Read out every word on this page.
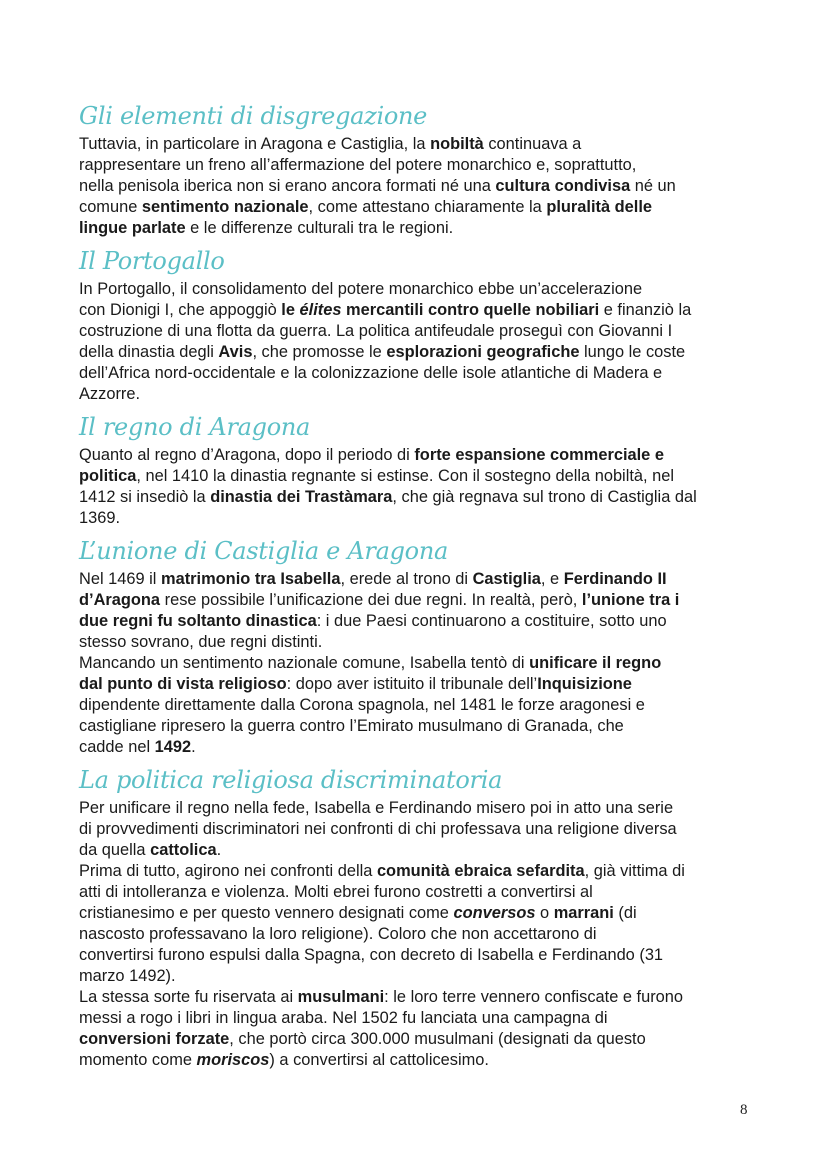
Gli elementi di disgregazione
Tuttavia, in particolare in Aragona e Castiglia, la nobiltà continuava a
rappresentare un freno all’affermazione del potere monarchico e, soprattutto,
nella penisola iberica non si erano ancora formati né una cultura condivisa né un
comune sentimento nazionale, come attestano chiaramente la pluralità delle
lingue parlate e le differenze culturali tra le regioni.
Il Portogallo
In Portogallo, il consolidamento del potere monarchico ebbe un’accelerazione
con Dionigi I, che appoggiò le élites mercantili contro quelle nobiliari e finanziò la
costruzione di una flotta da guerra. La politica antifeudale proseguì con Giovanni I
della dinastia degli Avis, che promosse le esplorazioni geografiche lungo le coste
dell’Africa nord-occidentale e la colonizzazione delle isole atlantiche di Madera e
Azzorre.
Il regno di Aragona
Quanto al regno d’Aragona, dopo il periodo di forte espansione commerciale e
politica, nel 1410 la dinastia regnante si estinse. Con il sostegno della nobiltà, nel
1412 si insediò la dinastia dei Trastàmara, che già regnava sul trono di Castiglia dal
1369.
L’unione di Castiglia e Aragona
Nel 1469 il matrimonio tra Isabella, erede al trono di Castiglia, e Ferdinando II
d’Aragona rese possibile l’unificazione dei due regni. In realtà, però, l’unione tra i
due regni fu soltanto dinastica: i due Paesi continuarono a costituire, sotto uno
stesso sovrano, due regni distinti.
Mancando un sentimento nazionale comune, Isabella tentò di unificare il regno
dal punto di vista religioso: dopo aver istituito il tribunale dell’Inquisizione
dipendente direttamente dalla Corona spagnola, nel 1481 le forze aragonesi e
castigliane ripresero la guerra contro l’Emirato musulmano di Granada, che
cadde nel 1492.
La politica religiosa discriminatoria
Per unificare il regno nella fede, Isabella e Ferdinando misero poi in atto una serie
di provvedimenti discriminatori nei confronti di chi professava una religione diversa
da quella cattolica.
Prima di tutto, agirono nei confronti della comunità ebraica sefardita, già vittima di
atti di intolleranza e violenza. Molti ebrei furono costretti a convertirsi al
cristianesimo e per questo vennero designati come conversos o marrani (di
nascosto professavano la loro religione). Coloro che non accettarono di
convertirsi furono espulsi dalla Spagna, con decreto di Isabella e Ferdinando (31
marzo 1492).
La stessa sorte fu riservata ai musulmani: le loro terre vennero confiscate e furono
messi a rogo i libri in lingua araba. Nel 1502 fu lanciata una campagna di
conversioni forzate, che portò circa 300.000 musulmani (designati da questo
momento come moriscos) a convertirsi al cattolicesimo.
8
